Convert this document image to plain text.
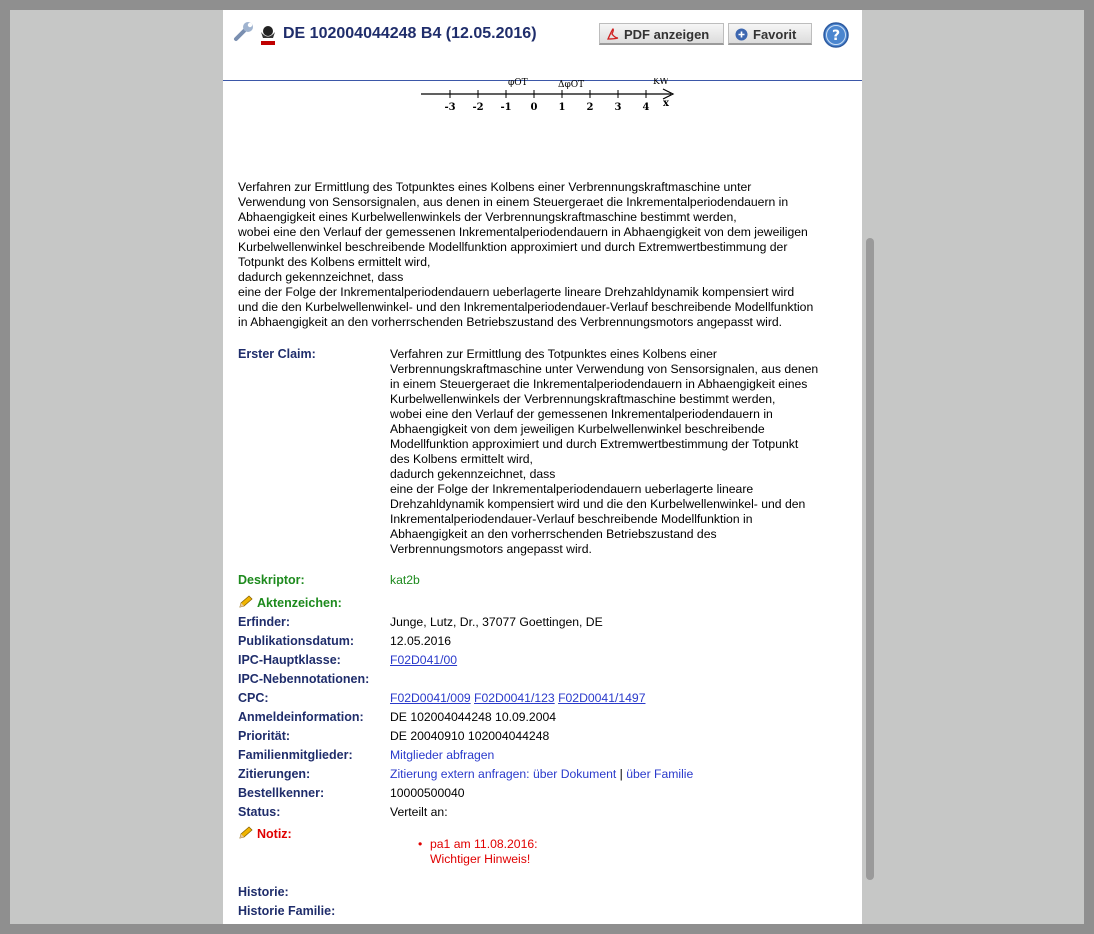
DE 102004044248 B4 (12.05.2016)	PDF anzeigen	Favorit	?
φOT	ΔφOT	KW
-3 -2 -1 0 1 2 3 4 x

Verfahren zur Ermittlung des Totpunktes eines Kolbens einer Verbrennungskraftmaschine unter

Verwendung von Sensorsignalen, aus denen in einem Steuergeraet die Inkrementalperiodendauern in

Abhaengigkeit eines Kurbelwellenwinkels der Verbrennungskraftmaschine bestimmt werden,

wobei eine den Verlauf der gemessenen Inkrementalperiodendauern in Abhaengigkeit von dem jeweiligen

Kurbelwellenwinkel beschreibende Modellfunktion approximiert und durch Extremwertbestimmung der

Totpunkt des Kolbens ermittelt wird,

dadurch gekennzeichnet, dass

eine der Folge der Inkrementalperiodendauern ueberlagerte lineare Drehzahldynamik kompensiert wird

und die den Kurbelwellenwinkel- und den Inkrementalperiodendauer-Verlauf beschreibende Modellfunktion

in Abhaengigkeit an den vorherrschenden Betriebszustand des Verbrennungsmotors angepasst wird.

Erster Claim:	Verfahren zur Ermittlung des Totpunktes eines Kolbens einer

Verbrennungskraftmaschine unter Verwendung von Sensorsignalen, aus denen

in einem Steuergeraet die Inkrementalperiodendauern in Abhaengigkeit eines

Kurbelwellenwinkels der Verbrennungskraftmaschine bestimmt werden,

wobei eine den Verlauf der gemessenen Inkrementalperiodendauern in

Abhaengigkeit von dem jeweiligen Kurbelwellenwinkel beschreibende

Modellfunktion approximiert und durch Extremwertbestimmung der Totpunkt

des Kolbens ermittelt wird,

dadurch gekennzeichnet, dass

eine der Folge der Inkrementalperiodendauern ueberlagerte lineare

Drehzahldynamik kompensiert wird und die den Kurbelwellenwinkel- und den

Inkrementalperiodendauer-Verlauf beschreibende Modellfunktion in

Abhaengigkeit an den vorherrschenden Betriebszustand des

Verbrennungsmotors angepasst wird.

Deskriptor:	kat2b
Aktenzeichen:
Erfinder:	Junge, Lutz, Dr., 37077 Goettingen, DE
Publikationsdatum:	12.05.2016
IPC-Hauptklasse:	F02D041/00
IPC-Nebennotationen:
CPC:	F02D0041/009 F02D0041/123 F02D0041/1497
Anmeldeinformation: DE 102004044248 10.09.2004
Priorität:	DE 20040910 102004044248
Familienmitglieder:	Mitglieder abfragen
Zitierungen:	Zitierung extern anfragen: über Dokument | über Familie
Bestellkenner:	10000500040
Status:	Verteilt an:
Notiz:
• pa1 am 11.08.2016:
Wichtiger Hinweis!
Historie:
Historie Familie:
